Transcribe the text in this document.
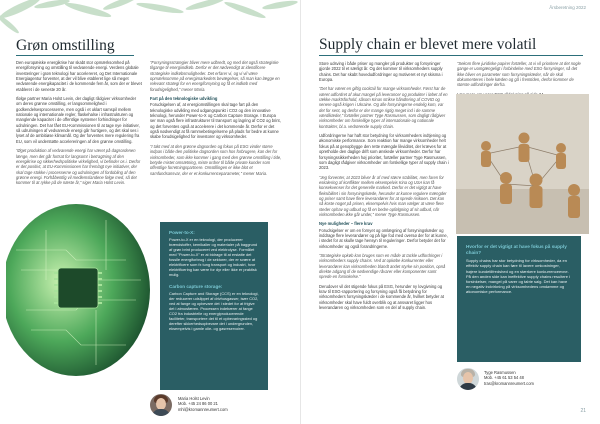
Grøn omstilling

Den europæiske energikrise har skabt stor opmærksomhed på energiforsyning og omstilling til vedvarende energi. Verdens globale investeringer i grøn teknologi har accelereret, og Det Internationale Energiagentur forventer, at der vil blive etableret lige så meget vedvarende energikapacitet i de kommende fem år, som der er blevet etableret i de seneste 20 år.

Ifølge partner Maria Holst Levin, der dagligt rådgiver virksomheder om deres grønne omstilling, er langsommelighed i godkendelsesprocesserne, men også i et uklart samspil mellem nationale og internationale regler, flaskehalse i infrastrukturen og manglende kapacitet i de offentlige systemer forhindringer for udrulningen. Det har fået EU-Kommissionen til at tage nye initiativer, så udrulningen af vedvarende energi går hurtigere, og det skal ses i lyset af de ambitiøse klimamål. Og der forventes mere regulering fra EU, som vil understøtte accelereringen af den grønne omstilling.

”Øget produktion af vedvarende energi har været på dagsordenen længe, men det går fortsat for langsomt i betragtning af den energikrise og sikkerhedspolitiske virkelighed, vi befinder os i. Derfor er det positivt, at EU-Kommissionen har fremlagt nye initiativer, der skal tage stokke i processerne og udrulningen af fordobling af den grønne energi. Forhåbentlig vil medlemslandene følge med, så det kommer til at rykke på de næste år,” siger Maria Holst Levin.

”Forsyningsstrategier bliver mere udbredt, og med det også strategiske tilgange til energiindkøb. Derfor er det nødvendigt at identificere strategiske indkøbsmuligheder. Det erfarer vi, og vi vil være opmærksomme på energimarkedets bevægelser, så man kan lægge en relevant strategi for en energiforsyning og få et indkøb med forudsigelighed,” mener Maria.

Fart på den teknologiske udvikling

Forudsigelsen af, at energiomstillingen skal tage fart på den teknologiske udvikling med udgangspunkt i CO2 og den innovative teknologi, herunder Power-to-X og Carbon Capture Storage. I Europa ser man også flere infrastrukturer til transport og lagring af CO2 og brint, og det forventes også at accelerere i det kommende år. Derfor er det også nødvendigt at få rammebetingelserne på plads for bedre at kunne skabe forudsigelighed for investorer og virksomheder.

”I takt med at den grønne dagsorden og fokus på ESG vinder større indpas i både den politiske dagsorden som hos forbrugere, kan der for virksomheder, som ikke kommer i gang med den grønne omstilling i tide, betyde mistet omsætning, miste ordrer til både private kunder som offentlige forretningspartnere. Omstillingen er ikke blot et samfundsansvar, der er et konkurrenceparameter,” mener Maria.

Power-to-X:

Power-to-X er en teknologi, der producerer brændstoffer, kemikalier og materialer på baggrund af grøn brint produceret ved elektrolyse. Formålet med ”Power-to-X” er at bidrage til at erstatte det fossile energiforbrug i de sektorer, der er svære at elektrificere som fx tung transport og industri, hvor elektrificering kan være for dyr eller ikke er praktisk mulig.

Carbon capture storage:

Carbon Capture and Storage (CCS) er en teknologi, der reducerer udslippet af drivhusgasser, især CO2, ved at fange og opbevare det i stedet for at frigive det i atmosfæren. Processen indebærer at fange CO2 fra industrielle og energiproducerende faciliteter, transportere det til et opbevaringssted og derefter sikkerhedsopbevare det i undergrunden, eksempelvis i gamle olie- og gasreservoirer.

Maria Holst Levin
Mob. +45 24 86 00 21
mhl@kromannreumert.com
Årsberetning 2022
Supply chain er blevet mere volatil

Store udsving i både priser og mangler på produkter og forsyninger gjorde 2022 til et særligt år. Og det kommer til virksomheders supply chains. Det har skabt hovedudfordringer og motiveret et nyt skisma i Europa.

”Det har været en giftig cocktail for mange virksomheder. Først har de været udfordret af akut mangel på leverancer og produkter i løbet af en række marktsforhold, såsom Kinas strikse håndtering af COVID og senere også krigen i Ukraine. Og alle forsyningerne endelig kom, var det for sent, og derfor er der mange rigtig meget ind i de samme værdikæder,” fortæller partner Tyge Rasmussen, som dagligt rådgiver virksomheder om forskellige typer af internationale og nationale kontrakter, bl.a. vedrørende supply chain.

Udfordringerne har haft stor betydning for virksomheders indtjening og økonomiske performance. Som reaktion har mange virksomheder helt fokus på at genopbygge den rette mængde likviditet, der kræves for at opretholde den daglige drift som ønskede virksomheder. Derfor har forsyningssikkerheden høj prioritet, fortæller partner Tyge Rasmussen, som dagligt rådgiver virksomheder om forskellige typer af supply chain i 2023.

”Jeg forventer, at 2023 bliver år af med større stabilitet, men faren for eskalering af konflikter mellem eksempelvis Kina og USA kan få konsekvenser for det generelle marked. Derfor er det vigtigt at have fleksibilitet i sin forsyningskæde, herunder at kunne regulere mængder og priser samt have flere leverandører for at sprede risikoen. Det kan så koste noget på prisen, eksempelvis hvis man vælger at være flere steder ophav og udbud og få en bedre opfølgning af sit udbud, når virksomheden ikke går under,” mener Tyge Rasmussen.

Nye muligheder – flere krav

Forudsigelser er om en fornyet og omlægning af forsyningskæder og inddrage flere leverandører og på lige fod med oversø der for at kunne, i stedet for at skulle tage hensyn til reguleringer. Derfor betyder det for virksomheder og også forandringerne.

”Strategiske opkøb kan bruges som en måde at tackle udfordringer i virksomheders supply chains. Ved at opkøbe konkurrenter eller leverandører kan virksomheden blandt andet styrke sin position, opnå direkte adgang til de nødvendige råvarer eller komponenter samt sprede en forsinkelse.”

Derudover vil det stigende fokus på ESG, herunder ny lovgivning og krav til ESG-rapportering og forsyning også få betydning for virksomheders forsyningskæder i de kommende år, hvilket betyder at virksomheder skal have fuldt overblik og at ansvaret ligger hos leverandøren og virksomheden som en del af supply chain.

”Sekom flere juridiske papirer fortæller, at vi vil prioritere at det nogle gange er uomgængeligt i forbindelse med ESG-forsyninger, så det ikke bliver en parameter som forsyningskæder, når de skal dokumenteres i hele kæden og gå i fremtiden, derfor kommer de største udfordringer derfra.

Hvorfor er det vigtigt at have fokus på supply chain?
Supply chains har stor betydning for virksomheder, da en effektiv supply chain kan føre til lavere omkostninger, højere kundetilfredshed og en stærkere konkurrenceevne. På den anden side kan ineffektive supply chains resultere i forsinkelser, mangel på varer og tabte salg. Det kan have en negativ indvirkning på virksomhedens omdømme og økonomiske performance.
Tyge Rasmussen
Mob. +45 61 53 54 48
tras@kromannreumert.com
21
